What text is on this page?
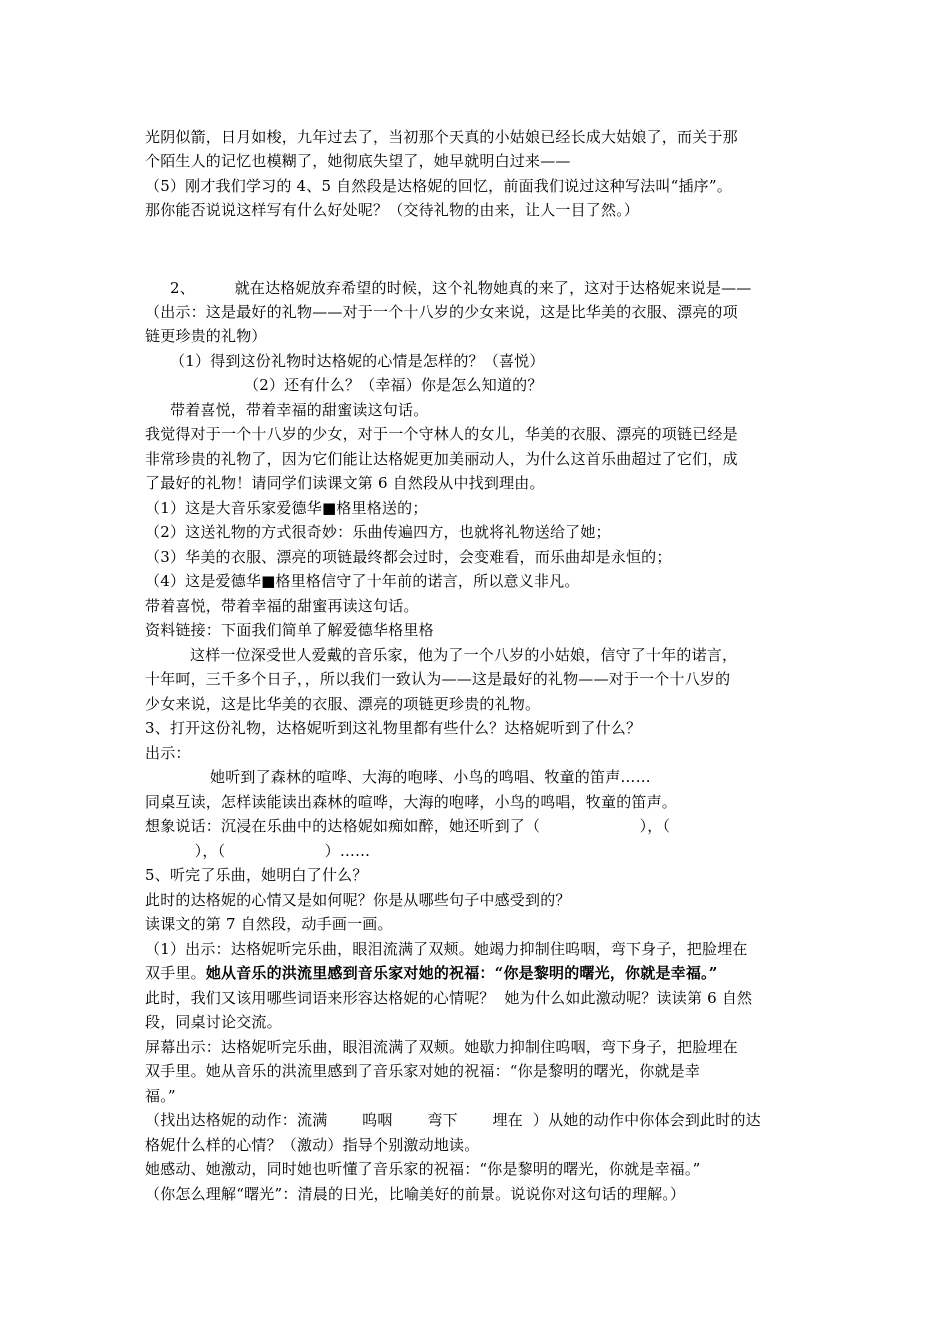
光阴似箭，日月如梭，九年过去了，当初那个天真的小姑娘已经长成大姑娘了，而关于那
个陌生人的记忆也模糊了，她彻底失望了，她早就明白过来——
（5）刚才我们学习的 4、5 自然段是达格妮的回忆，前面我们说过这种写法叫“插序”。
那你能否说说这样写有什么好处呢？（交待礼物的由来，让人一目了然。）
2、        就在达格妮放弃希望的时候，这个礼物她真的来了，这对于达格妮来说是——
（出示：这是最好的礼物——对于一个十八岁的少女来说，这是比华美的衣服、漂亮的项
链更珍贵的礼物）
（1）得到这份礼物时达格妮的心情是怎样的？（喜悦）
（2）还有什么？（幸福）你是怎么知道的？
带着喜悦，带着幸福的甜蜜读这句话。
我觉得对于一个十八岁的少女，对于一个守林人的女儿，华美的衣服、漂亮的项链已经是
非常珍贵的礼物了，因为它们能让达格妮更加美丽动人，为什么这首乐曲超过了它们，成
了最好的礼物！请同学们读课文第 6 自然段从中找到理由。
（1）这是大音乐家爱德华■格里格送的；
（2）这送礼物的方式很奇妙：乐曲传遍四方，也就将礼物送给了她；
（3）华美的衣服、漂亮的项链最终都会过时，会变难看，而乐曲却是永恒的；
（4）这是爱德华■格里格信守了十年前的诺言，所以意义非凡。
带着喜悦，带着幸福的甜蜜再读这句话。
资料链接：下面我们简单了解爱德华格里格
这样一位深受世人爱戴的音乐家，他为了一个八岁的小姑娘，信守了十年的诺言，
十年呵，三千多个日子，，所以我们一致认为——这是最好的礼物——对于一个十八岁的
少女来说，这是比华美的衣服、漂亮的项链更珍贵的礼物。
3、打开这份礼物，达格妮听到这礼物里都有些什么？达格妮听到了什么？
出示：
她听到了森林的喧哗、大海的咆哮、小鸟的鸣唱、牧童的笛声……
同桌互读，怎样读能读出森林的喧哗，大海的咆哮，小鸟的鸣唱，牧童的笛声。
想象说话：沉浸在乐曲中的达格妮如痴如醉，她还听到了（                    ），（
），（                    ）……
5、听完了乐曲，她明白了什么？
此时的达格妮的心情又是如何呢？你是从哪些句子中感受到的？
读课文的第 7 自然段，动手画一画。
（1）出示：达格妮听完乐曲，眼泪流满了双颊。她竭力抑制住呜咽，弯下身子，把脸埋在
双手里。她从音乐的洪流里感到音乐家对她的祝福：“你是黎明的曙光，你就是幸福。”
此时，我们又该用哪些词语来形容达格妮的心情呢？  她为什么如此激动呢？读读第 6 自然
段，同桌讨论交流。
屏幕出示：达格妮听完乐曲，眼泪流满了双颊。她歇力抑制住呜咽，弯下身子，把脸埋在
双手里。她从音乐的洪流里感到了音乐家对她的祝福：“你是黎明的曙光，你就是幸
福。”
（找出达格妮的动作：流满       呜咽       弯下       埋在  ）从她的动作中你体会到此时的达
格妮什么样的心情？（激动）指导个别激动地读。
她感动、她激动，同时她也听懂了音乐家的祝福：“你是黎明的曙光，你就是幸福。”
（你怎么理解“曙光”：清晨的日光，比喻美好的前景。说说你对这句话的理解。）
